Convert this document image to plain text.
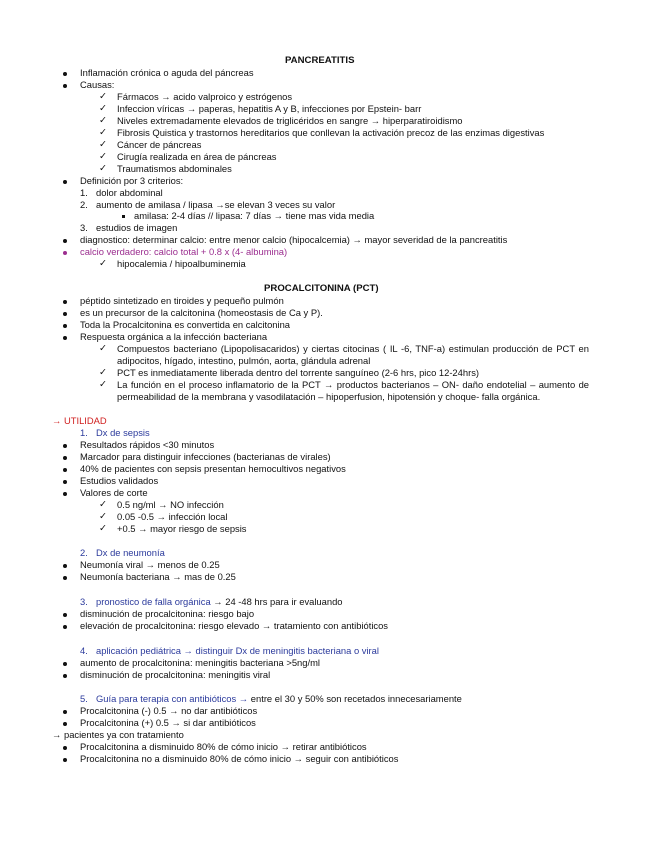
PANCREATITIS
Inflamación crónica o aguda del páncreas
Causas:
✓ Fármacos → acido valproico y estrógenos
✓ Infeccion víricas → paperas, hepatitis A y B, infecciones por Epstein- barr
✓ Niveles extremadamente elevados de triglicéridos en sangre → hiperparatiroidismo
✓ Fibrosis Quistica y trastornos hereditarios que conllevan la activación precoz de las enzimas digestivas
✓ Cáncer de páncreas
✓ Cirugía realizada en área de páncreas
✓ Traumatismos abdominales
Definición por 3 criterios:
1. dolor abdominal
2. aumento de amilasa / lipasa →se elevan 3 veces su valor
amilasa: 2-4 días // lipasa: 7 días → tiene mas vida media
3. estudios de imagen
diagnostico: determinar calcio: entre menor calcio (hipocalcemia) → mayor severidad de la pancreatitis
calcio verdadero: calcio total + 0.8 x (4- albumina)
✓ hipocalemia / hipoalbuminemia
PROCALCITONINA (PCT)
péptido sintetizado en tiroides y pequeño pulmón
es un precursor de la calcitonina (homeostasis de Ca y P).
Toda la Procalcitonina es convertida en calcitonina
Respuesta orgánica a la infección bacteriana
✓ Compuestos bacteriano (Lipopolisacaridos) y ciertas citocinas ( IL -6, TNF-a) estimulan producción de PCT en adipocitos, hígado, intestino, pulmón, aorta, glándula adrenal
✓ PCT es inmediatamente liberada dentro del torrente sanguíneo (2-6 hrs, pico 12-24hrs)
✓ La función en el proceso inflamatorio de la PCT → productos bacterianos – ON- daño endotelial – aumento de permeabilidad de la membrana y vasodilatación – hipoperfusion, hipotensión y choque- falla orgánica.
→ UTILIDAD
1. Dx de sepsis
Resultados rápidos <30 minutos
Marcador para distinguir infecciones (bacterianas de virales)
40% de pacientes con sepsis presentan hemocultivos negativos
Estudios validados
Valores de corte
✓ 0.5 ng/ml → NO infección
✓ 0.05 -0.5 → infección local
✓ +0.5 → mayor riesgo de sepsis
2. Dx de neumonía
Neumonía viral → menos de 0.25
Neumonía bacteriana → mas de 0.25
3. pronostico de falla orgánica → 24 -48 hrs para ir evaluando
disminución de procalcitonina: riesgo bajo
elevación de procalcitonina: riesgo elevado → tratamiento con antibióticos
4. aplicación pediátrica → distinguir Dx de meningitis bacteriana o viral
aumento de procalcitonina: meningitis bacteriana >5ng/ml
disminución de procalcitonina: meningitis viral
5. Guía para terapia con antibióticos → entre el 30 y 50% son recetados innecesariamente
Procalcitonina (-) 0.5 → no dar antibióticos
Procalcitonina (+) 0.5 → si dar antibióticos
→ pacientes ya con tratamiento
Procalcitonina a disminuido 80% de cómo inicio → retirar antibióticos
Procalcitonina no a disminuido 80% de cómo inicio → seguir con antibióticos
